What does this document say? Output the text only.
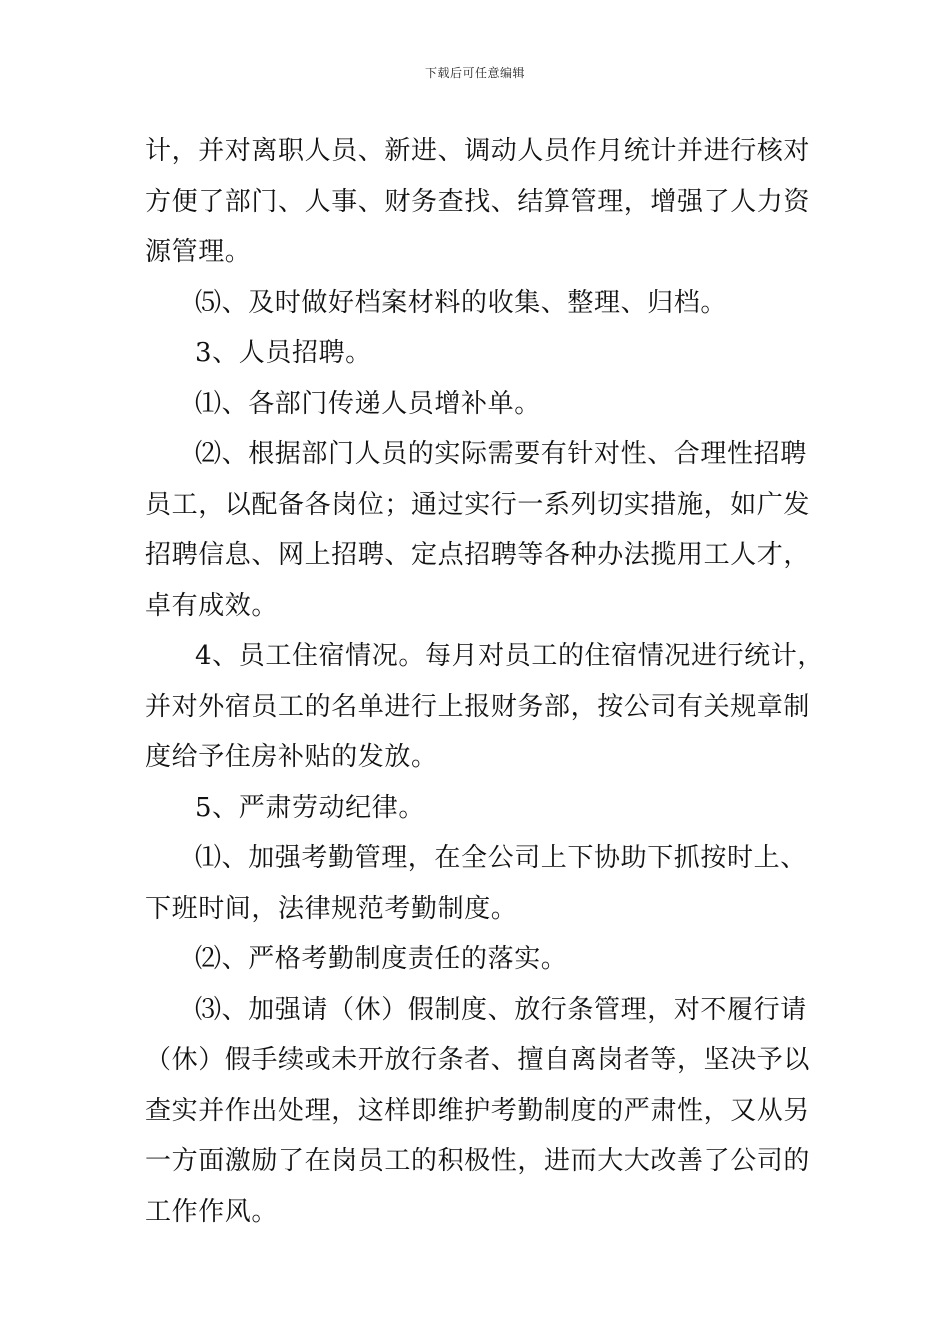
下载后可任意编辑
计，并对离职人员、新进、调动人员作月统计并进行核对
方便了部门、人事、财务查找、结算管理，增强了人力资
源管理。
⑸、及时做好档案材料的收集、整理、归档。
3、人员招聘。
⑴、各部门传递人员增补单。
⑵、根据部门人员的实际需要有针对性、合理性招聘
员工，以配备各岗位；通过实行一系列切实措施，如广发
招聘信息、网上招聘、定点招聘等各种办法揽用工人才，
卓有成效。
4、员工住宿情况。每月对员工的住宿情况进行统计，
并对外宿员工的名单进行上报财务部，按公司有关规章制
度给予住房补贴的发放。
5、严肃劳动纪律。
⑴、加强考勤管理，在全公司上下协助下抓按时上、
下班时间，法律规范考勤制度。
⑵、严格考勤制度责任的落实。
⑶、加强请（休）假制度、放行条管理，对不履行请
（休）假手续或未开放行条者、擅自离岗者等，坚决予以
查实并作出处理，这样即维护考勤制度的严肃性，又从另
一方面激励了在岗员工的积极性，进而大大改善了公司的
工作作风。
